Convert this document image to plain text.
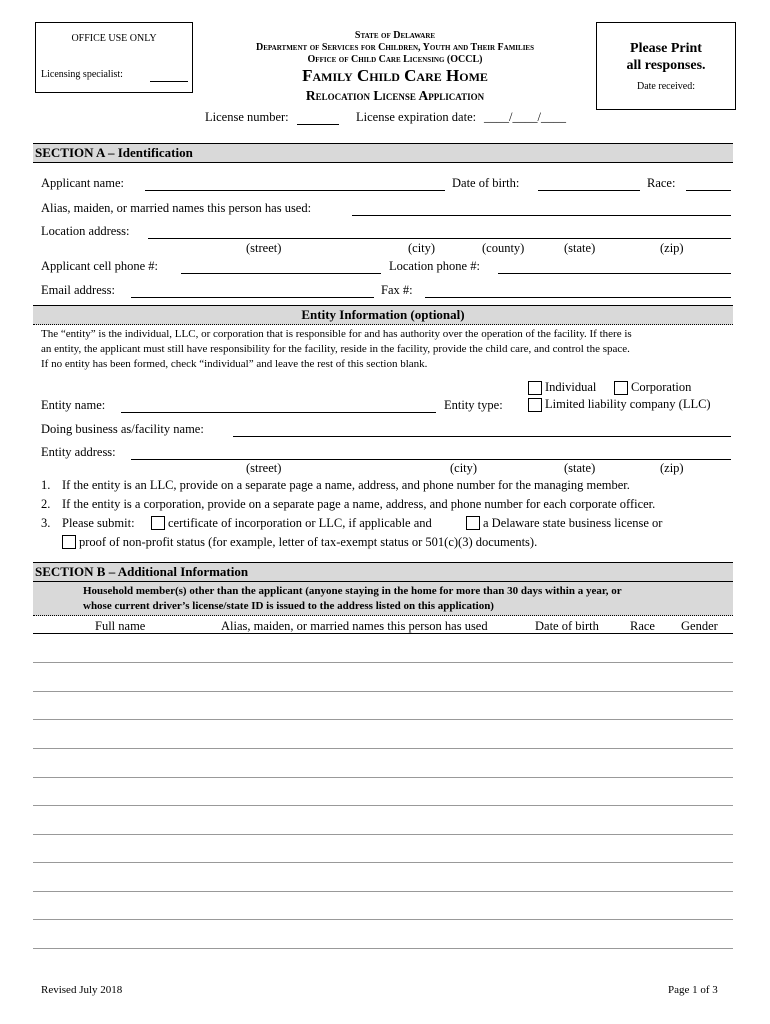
OFFICE USE ONLY
Licensing specialist:
State of Delaware
Department of Services for Children, Youth and Their Families
Office of Child Care Licensing (OCCL)
Family Child Care Home
Relocation License Application
Please Print
all responses.
Date received:
License number:	License expiration date: ____/____/____
SECTION A – Identification
Applicant name:	Date of birth:	Race:
Alias, maiden, or married names this person has used:
Location address:
(street)	(city)	(county)	(state)	(zip)
Applicant cell phone #:	Location phone #:
Email address:	Fax #:
Entity Information (optional)
The “entity” is the individual, LLC, or corporation that is responsible for and has authority over the operation of the facility. If there is
an entity, the applicant must still have responsibility for the facility, reside in the facility, provide the child care, and control the space.
If no entity has been formed, check “individual” and leave the rest of this section blank.
Individual	Corporation
Entity name:	Entity type:	Limited liability company (LLC)
Doing business as/facility name:
Entity address:
(street)	(city)	(state)	(zip)
1. If the entity is an LLC, provide on a separate page a name, address, and phone number for the managing member.
2. If the entity is a corporation, provide on a separate page a name, address, and phone number for each corporate officer.
3. Please submit:	certificate of incorporation or LLC, if applicable and	a Delaware state business license or
proof of non-profit status (for example, letter of tax-exempt status or 501(c)(3) documents).
SECTION B – Additional Information
Household member(s) other than the applicant (anyone staying in the home for more than 30 days within a year, or
whose current driver’s license/state ID is issued to the address listed on this application)
Full name	Alias, maiden, or married names this person has used	Date of birth Race Gender
Revised July 2018	Page 1 of 3
